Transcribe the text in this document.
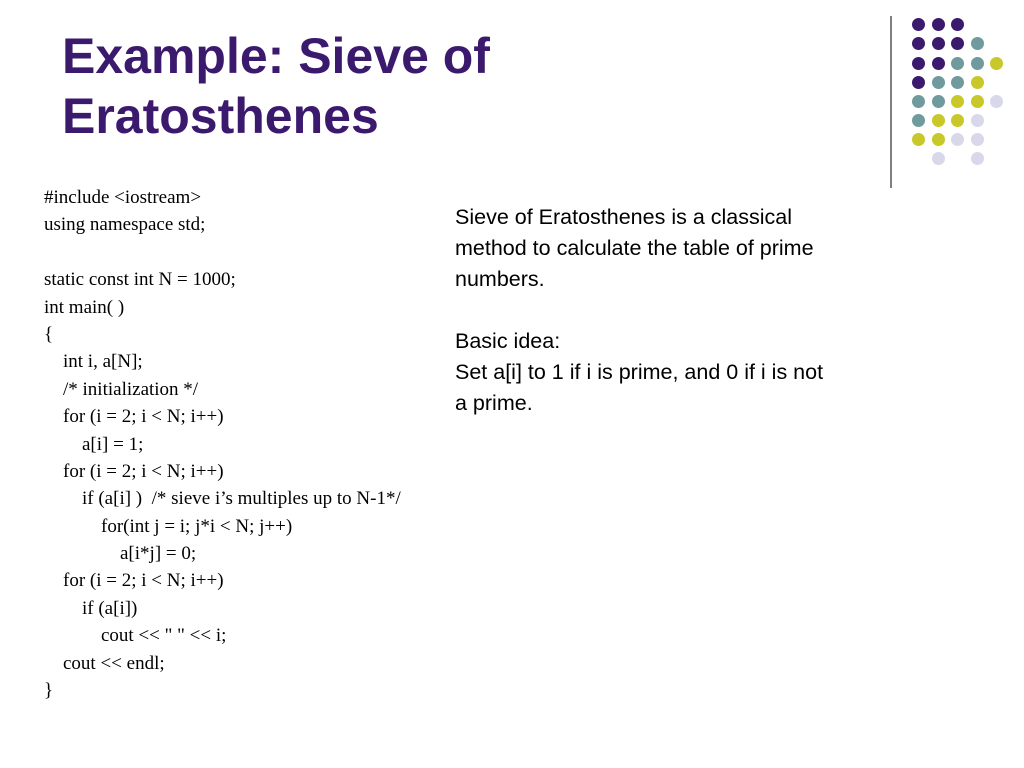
Example: Sieve of
Eratosthenes
#include <iostream>
using namespace std;
static const int N = 1000;
int main( )
{
int i, a[N];
/* initialization */
for (i = 2; i < N; i++)
a[i] = 1;
for (i = 2; i < N; i++)
if (a[i] )  /* sieve i’s multiples up to N-1*/
for(int j = i; j*i < N; j++)
a[i*j] = 0;
for (i = 2; i < N; i++)
if (a[i])
cout << " " << i;
cout << endl;
}
Sieve of Eratosthenes is a classical
method to calculate the table of prime
numbers.
Basic idea:
Set a[i] to 1 if i is prime, and 0 if i is not
a prime.
